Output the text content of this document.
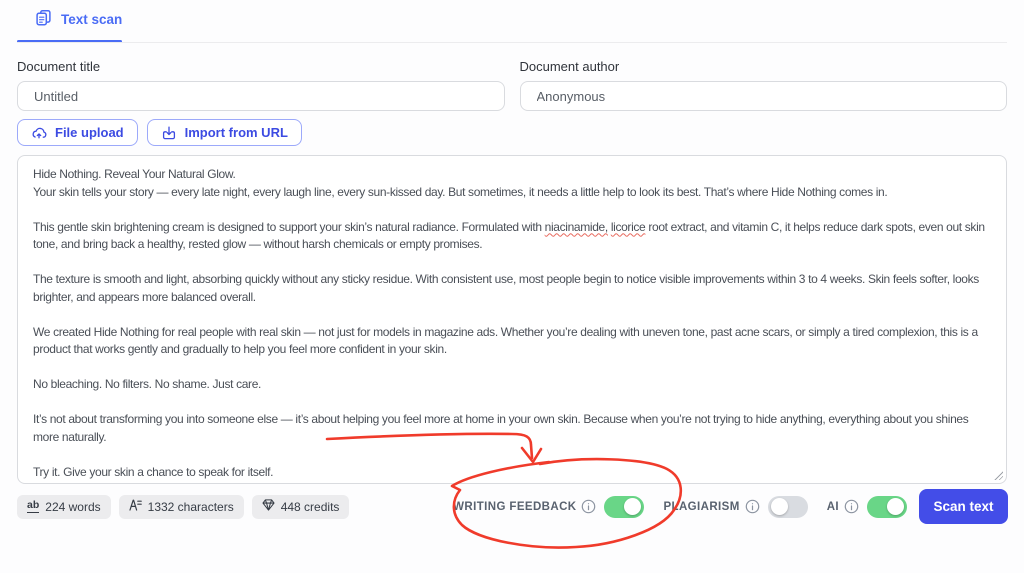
Text scan
Document title
Untitled	Document author
Anonymous
File upload	Import from URL

Hide Nothing. Reveal Your Natural Glow.

Your skin tells your story — every late night, every laugh line, every sun-kissed day. But sometimes, it needs a little help to look its best. That’s where Hide Nothing comes in.

This gentle skin brightening cream is designed to support your skin’s natural radiance. Formulated with niacinamide, licorice root extract, and vitamin C, it helps reduce dark spots, even out skin tone, and bring back a healthy, rested glow — without harsh chemicals or empty promises.

The texture is smooth and light, absorbing quickly without any sticky residue. With consistent use, most people begin to notice visible improvements within 3 to 4 weeks. Skin feels softer, looks brighter, and appears more balanced overall.

We created Hide Nothing for real people with real skin — not just for models in magazine ads. Whether you’re dealing with uneven tone, past acne scars, or simply a tired complexion, this is a product that works gently and gradually to help you feel more confident in your skin.

No bleaching. No filters. No shame. Just care.

It’s not about transforming you into someone else — it’s about helping you feel more at home in your own skin. Because when you’re not trying to hide anything, everything about you shines more naturally.

Try it. Give your skin a chance to speak for itself.

ab 224 words	1332 characters	448 credits	WRITING FEEDBACK	PLAGIARISM	AI	Scan text
